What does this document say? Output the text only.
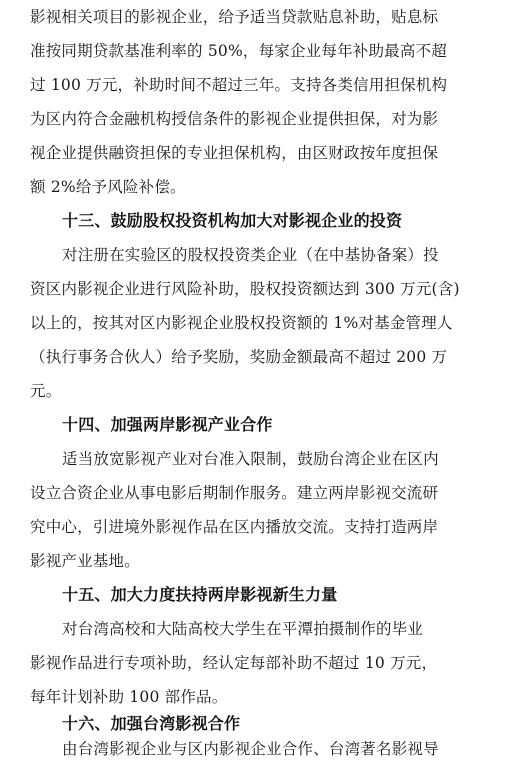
影视相关项目的影视企业，给予适当贷款贴息补助，贴息标
准按同期贷款基准利率的 50%，每家企业每年补助最高不超
过 100 万元，补助时间不超过三年。支持各类信用担保机构
为区内符合金融机构授信条件的影视企业提供担保，对为影
视企业提供融资担保的专业担保机构，由区财政按年度担保
额 2%给予风险补偿。
十三、鼓励股权投资机构加大对影视企业的投资
对注册在实验区的股权投资类企业（在中基协备案）投
资区内影视企业进行风险补助，股权投资额达到 300 万元(含)
以上的，按其对区内影视企业股权投资额的 1%对基金管理人
（执行事务合伙人）给予奖励，奖励金额最高不超过 200 万
元。
十四、加强两岸影视产业合作
适当放宽影视产业对台准入限制，鼓励台湾企业在区内
设立合资企业从事电影后期制作服务。建立两岸影视交流研
究中心，引进境外影视作品在区内播放交流。支持打造两岸
影视产业基地。
十五、加大力度扶持两岸影视新生力量
对台湾高校和大陆高校大学生在平潭拍摄制作的毕业
影视作品进行专项补助，经认定每部补助不超过 10 万元，
每年计划补助 100 部作品。
十六、加强台湾影视合作
由台湾影视企业与区内影视企业合作、台湾著名影视导
